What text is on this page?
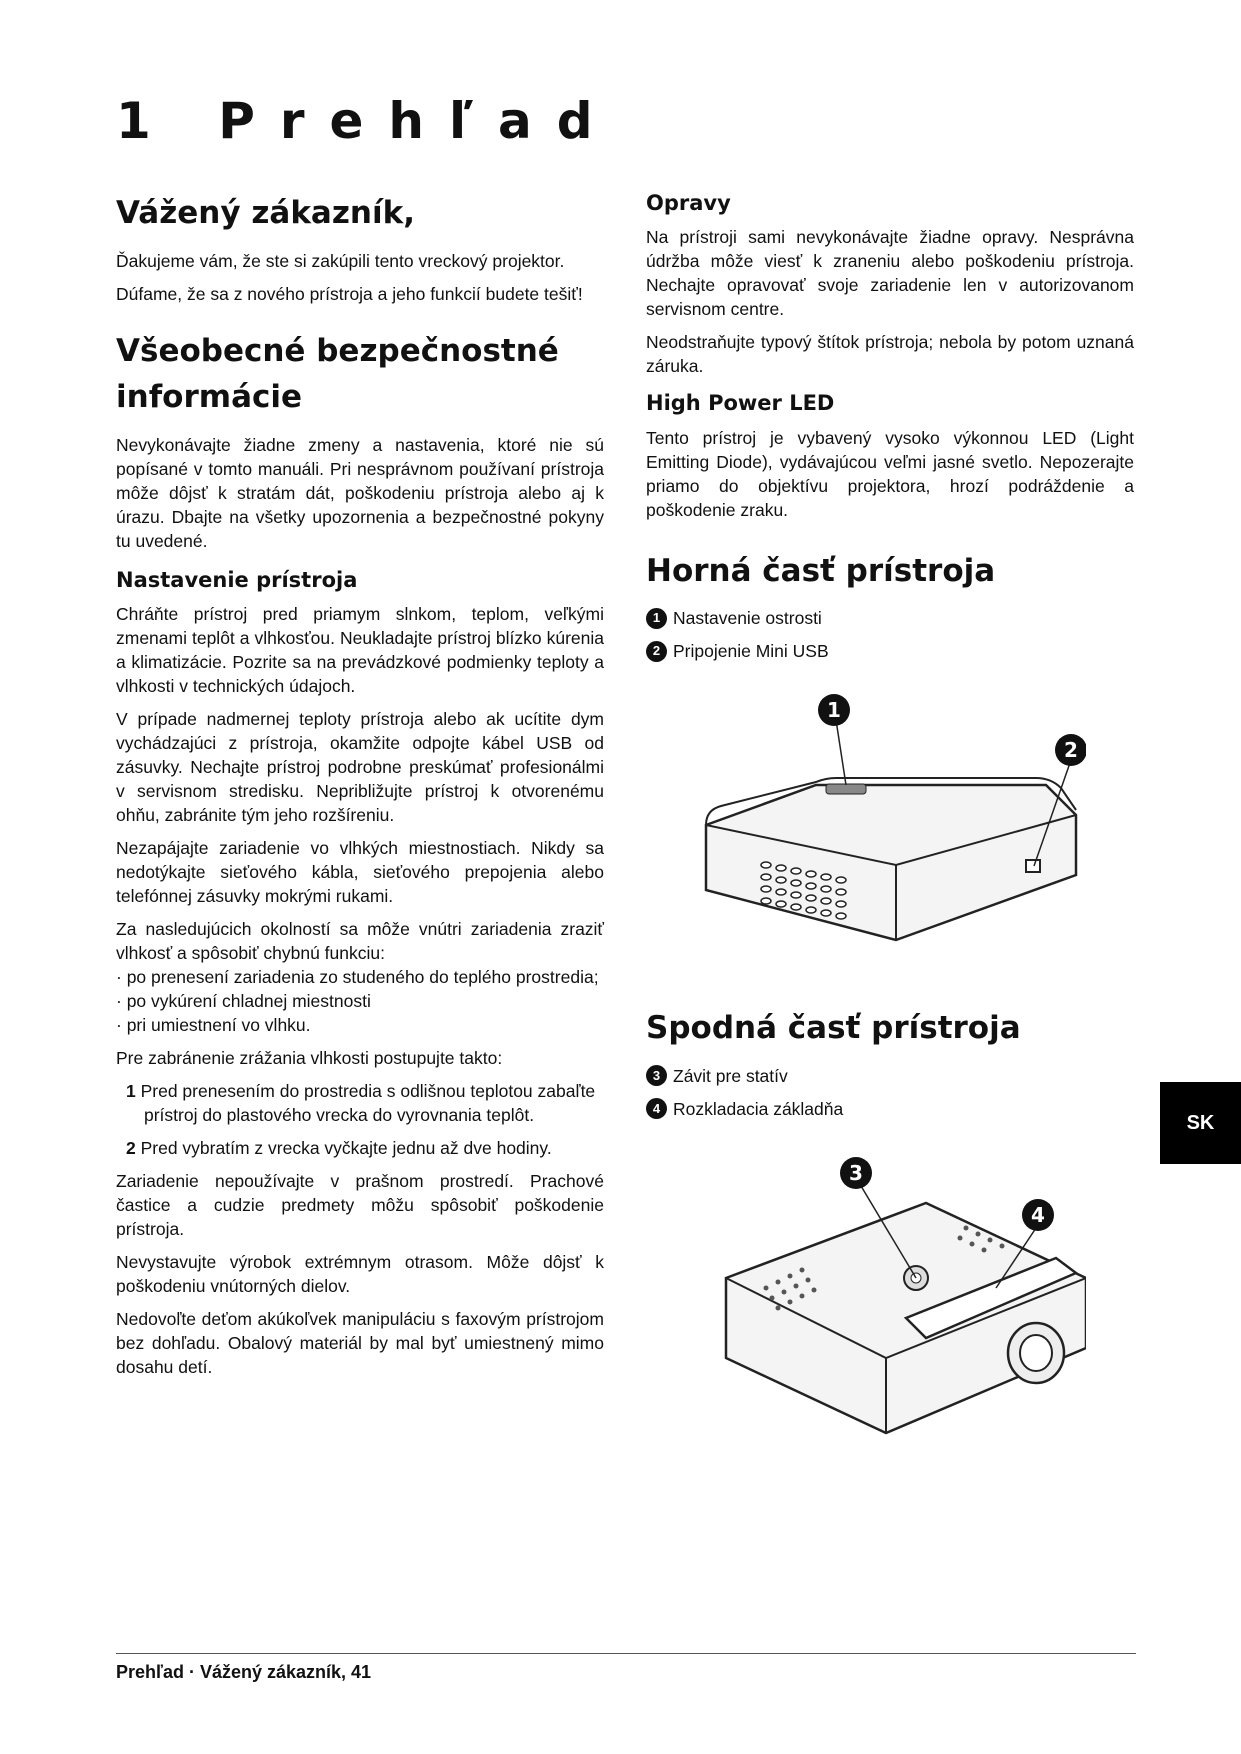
1 Prehľad
Vážený zákazník,

Ďakujeme vám, že ste si zakúpili tento vreckový projektor.

Dúfame, že sa z nového prístroja a jeho funkcií budete tešiť!

Všeobecné bezpečnostné informácie

Nevykonávajte žiadne zmeny a nastavenia, ktoré nie sú popísané v tomto manuáli. Pri nesprávnom používaní prístroja môže dôjsť k stratám dát, poškodeniu prístroja alebo aj k úrazu. Dbajte na všetky upozornenia a bezpečnostné pokyny tu uvedené.

Nastavenie prístroja

Chráňte prístroj pred priamym slnkom, teplom, veľkými zmenami teplôt a vlhkosťou. Neukladajte prístroj blízko kúrenia a klimatizácie. Pozrite sa na prevádzkové podmienky teploty a vlhkosti v technických údajoch.

V prípade nadmernej teploty prístroja alebo ak ucítite dym vychádzajúci z prístroja, okamžite odpojte kábel USB od zásuvky. Nechajte prístroj podrobne preskúmať profesionálmi v servisnom stredisku. Nepribližujte prístroj k otvorenému ohňu, zabránite tým jeho rozšíreniu.

Nezapájajte zariadenie vo vlhkých miestnostiach. Nikdy sa nedotýkajte sieťového kábla, sieťového prepojenia alebo telefónnej zásuvky mokrými rukami.

Za nasledujúcich okolností sa môže vnútri zariadenia zraziť vlhkosť a spôsobiť chybnú funkciu:

· po prenesení zariadenia zo studeného do teplého prostredia;

· po vykúrení chladnej miestnosti

· pri umiestnení vo vlhku.

Pre zabránenie zrážania vlhkosti postupujte takto:

1 Pred prenesením do prostredia s odlišnou teplotou zabaľte prístroj do plastového vrecka do vyrovnania teplôt.

2 Pred vybratím z vrecka vyčkajte jednu až dve hodiny.

Zariadenie nepoužívajte v prašnom prostredí. Prachové častice a cudzie predmety môžu spôsobiť poškodenie prístroja.

Nevystavujte výrobok extrémnym otrasom. Môže dôjsť k poškodeniu vnútorných dielov.

Nedovoľte deťom akúkoľvek manipuláciu s faxovým prístrojom bez dohľadu. Obalový materiál by mal byť umiestnený mimo dosahu detí.

Opravy

Na prístroji sami nevykonávajte žiadne opravy. Nesprávna údržba môže viesť k zraneniu alebo poškodeniu prístroja. Nechajte opravovať svoje zariadenie len v autorizovanom servisnom centre.

Neodstraňujte typový štítok prístroja; nebola by potom uznaná záruka.

High Power LED

Tento prístroj je vybavený vysoko výkonnou LED (Light Emitting Diode), vydávajúcou veľmi jasné svetlo. Nepozerajte priamo do objektívu projektora, hrozí podráždenie a poškodenie zraku.

Horná časť prístroja
1 Nastavenie ostrosti
2 Pripojenie Mini USB
1
2
Spodná časť prístroja
3 Závit pre statív
4 Rozkladacia základňa
3
4
SK
Prehľad · Vážený zákazník, 41
